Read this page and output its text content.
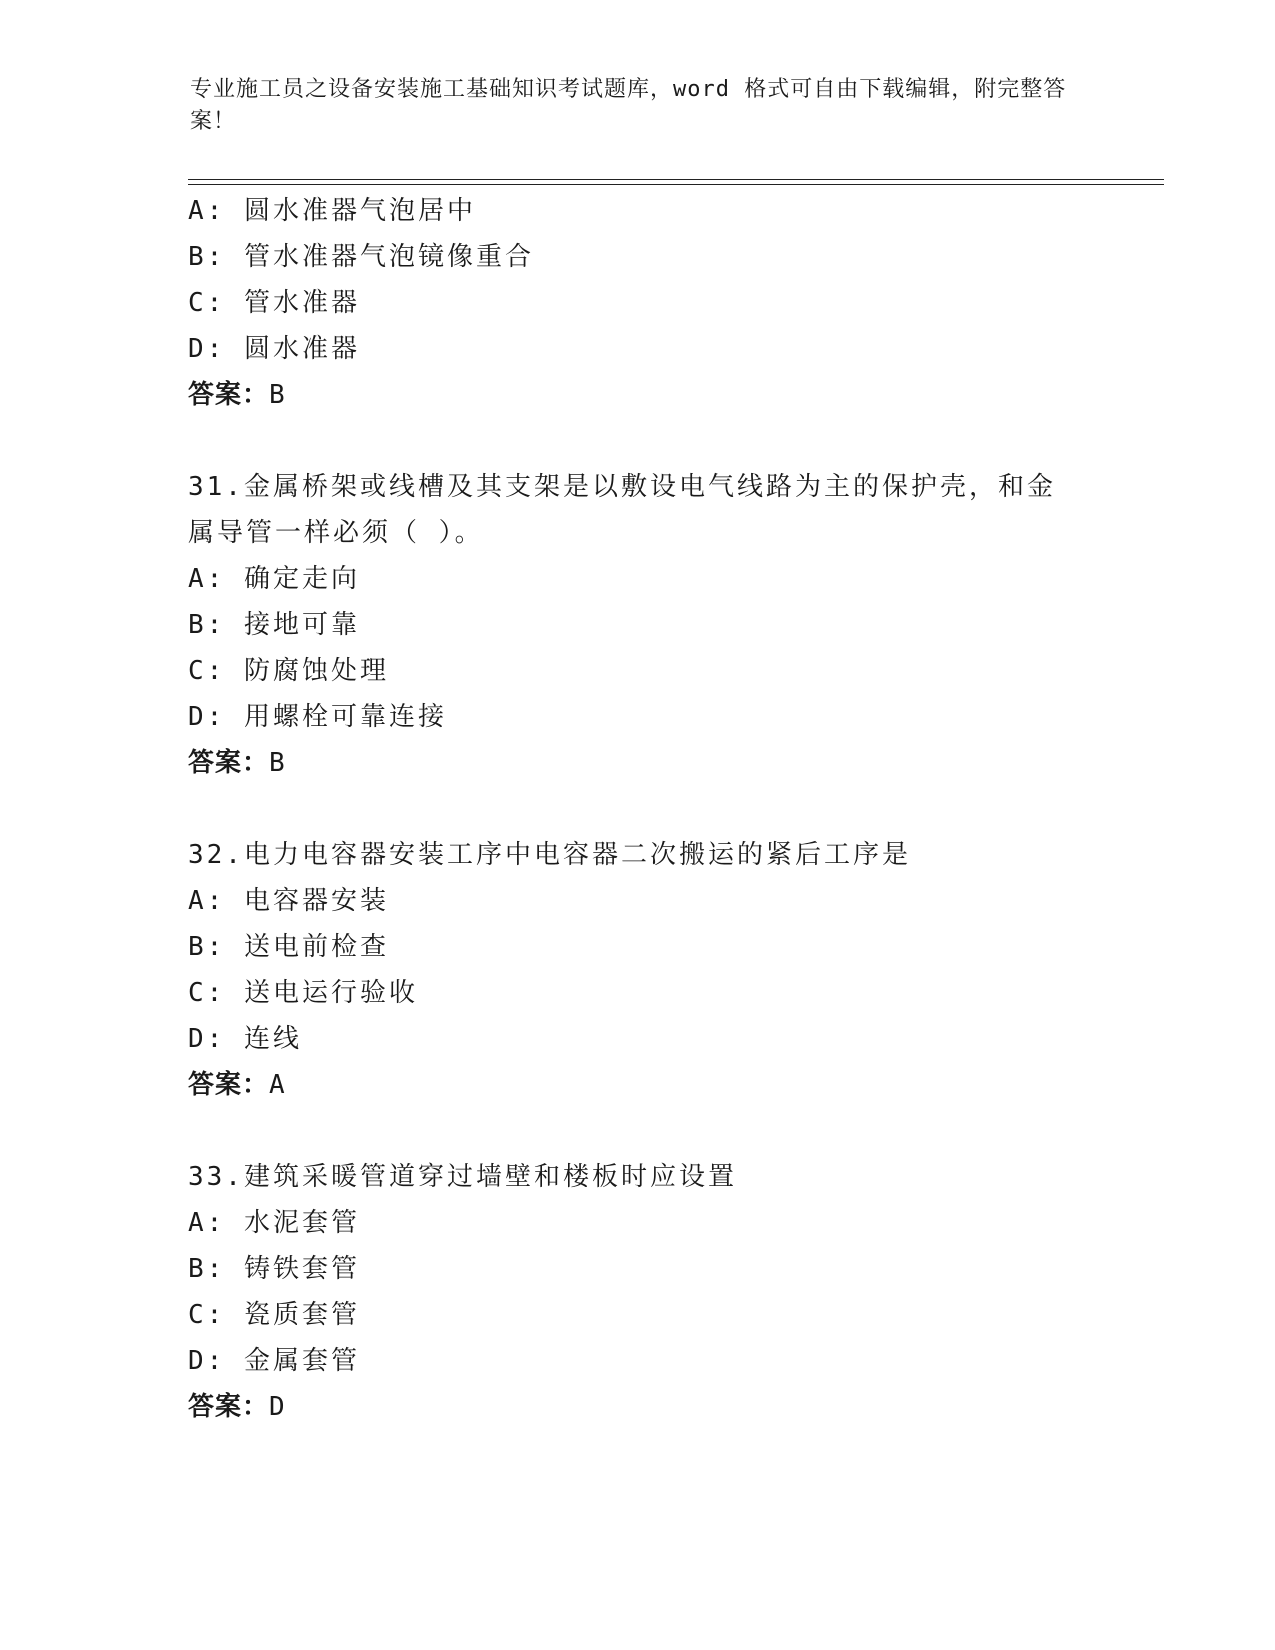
专业施工员之设备安装施工基础知识考试题库，word 格式可自由下载编辑，附完整答案！
A: 圆水准器气泡居中
B: 管水准器气泡镜像重合
C: 管水准器
D: 圆水准器
答案：B
31.金属桥架或线槽及其支架是以敷设电气线路为主的保护壳，和金属导管一样必须（ ）。
A: 确定走向
B: 接地可靠
C: 防腐蚀处理
D: 用螺栓可靠连接
答案：B
32.电力电容器安装工序中电容器二次搬运的紧后工序是
A: 电容器安装
B: 送电前检查
C: 送电运行验收
D: 连线
答案：A
33.建筑采暖管道穿过墙壁和楼板时应设置
A: 水泥套管
B: 铸铁套管
C: 瓷质套管
D: 金属套管
答案：D
